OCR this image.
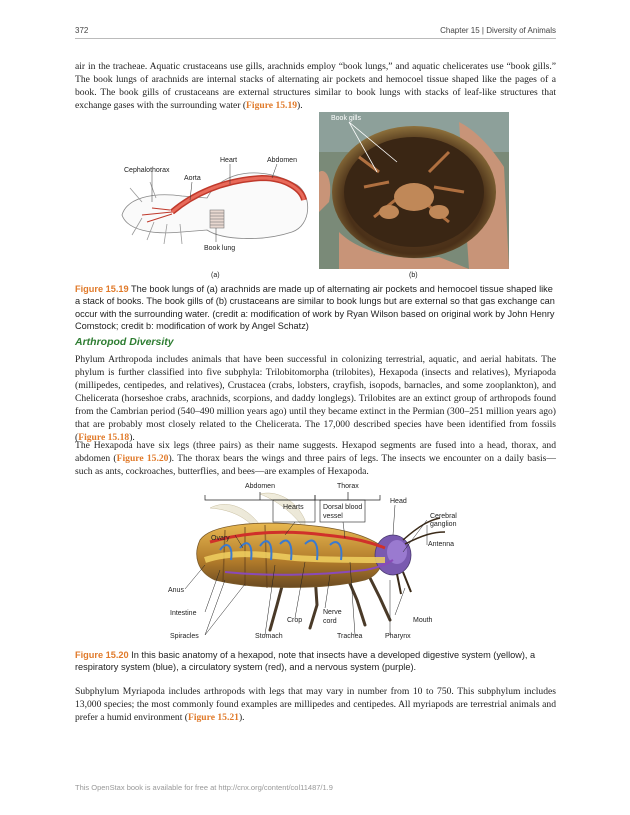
372	Chapter 15 | Diversity of Animals
air in the tracheae. Aquatic crustaceans use gills, arachnids employ “book lungs,” and aquatic chelicerates use “book gills.” The book lungs of arachnids are internal stacks of alternating air pockets and hemocoel tissue shaped like the pages of a book. The book gills of crustaceans are external structures similar to book lungs with stacks of leaf-like structures that exchange gases with the surrounding water (Figure 15.19).
Cephalothorax
Heart	Abdomen
Aorta
Book lung
(a)
Book gills
(b)
Figure 15.19 The book lungs of (a) arachnids are made up of alternating air pockets and hemocoel tissue shaped like a stack of books. The book gills of (b) crustaceans are similar to book lungs but are external so that gas exchange can occur with the surrounding water. (credit a: modification of work by Ryan Wilson based on original work by John Henry Comstock; credit b: modification of work by Angel Schatz)
Arthropod Diversity
Phylum Arthropoda includes animals that have been successful in colonizing terrestrial, aquatic, and aerial habitats. The phylum is further classified into five subphyla: Trilobitomorpha (trilobites), Hexapoda (insects and relatives), Myriapoda (millipedes, centipedes, and relatives), Crustacea (crabs, lobsters, crayfish, isopods, barnacles, and some zooplankton), and Chelicerata (horseshoe crabs, arachnids, scorpions, and daddy longlegs). Trilobites are an extinct group of arthropods found from the Cambrian period (540–490 million years ago) until they became extinct in the Permian (300–251 million years ago) that are probably most closely related to the Chelicerata. The 17,000 described species have been identified from fossils (Figure 15.18).
The Hexapoda have six legs (three pairs) as their name suggests. Hexapod segments are fused into a head, thorax, and abdomen (Figure 15.20). The thorax bears the wings and three pairs of legs. The insects we encounter on a daily basis—such as ants, cockroaches, butterflies, and bees—are examples of Hexapoda.
Abdomen	Thorax
Hearts	Dorsal blood
vessel
Head
Cerebral
ganglion
Ovary
Antenna
Anus
Intestine	Nerve
cord
Crop	Mouth
Spiracles	Stomach	Trachea	Pharynx
Figure 15.20 In this basic anatomy of a hexapod, note that insects have a developed digestive system (yellow), a respiratory system (blue), a circulatory system (red), and a nervous system (purple).
Subphylum Myriapoda includes arthropods with legs that may vary in number from 10 to 750. This subphylum includes 13,000 species; the most commonly found examples are millipedes and centipedes. All myriapods are terrestrial animals and prefer a humid environment (Figure 15.21).
This OpenStax book is available for free at http://cnx.org/content/col11487/1.9
